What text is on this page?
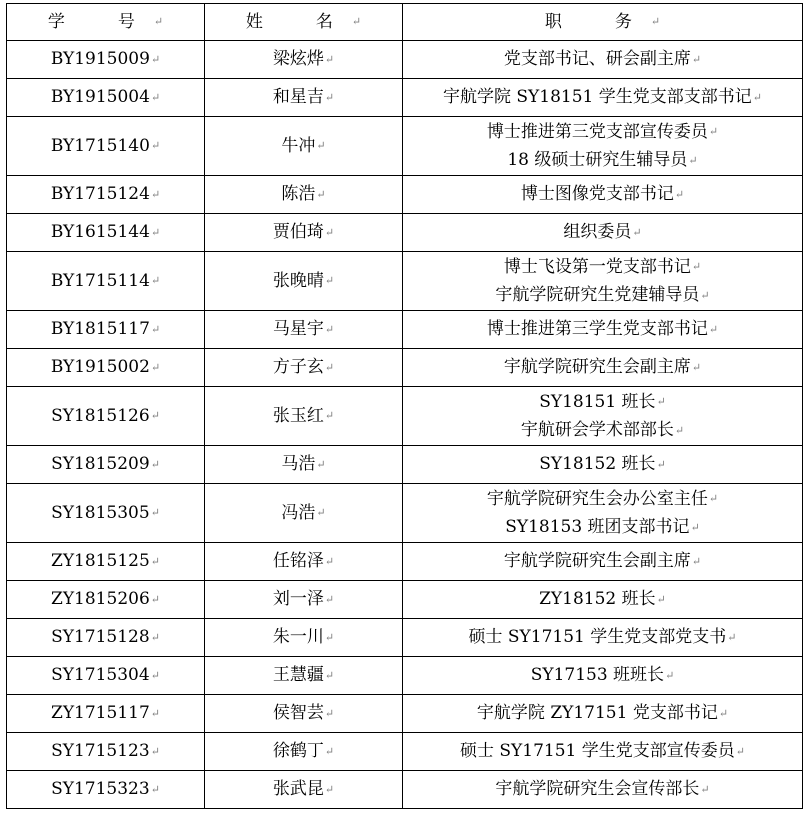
学　号↵	姓　名↵	职　务↵
BY1915009↵	梁炫烨↵	党支部书记、研会副主席↵

BY1915004↵	和星吉↵	宇航学院 SY18151 学生党支部支部书记↵

BY1715140↵	牛冲↵	博士推进第三党支部宣传委员↵
18 级硕士研究生辅导员↵

BY1715124↵	陈浩↵	博士图像党支部书记↵

BY1615144↵	贾伯琦↵	组织委员↵

BY1715114↵	张晚晴↵	博士飞设第一党支部书记↵
宇航学院研究生党建辅导员↵

BY1815117↵	马星宇↵	博士推进第三学生党支部书记↵

BY1915002↵	方子玄↵	宇航学院研究生会副主席↵

SY1815126↵	张玉红↵	SY18151 班长↵
宇航研会学术部部长↵

SY1815209↵	马浩↵	SY18152 班长↵

SY1815305↵	冯浩↵	宇航学院研究生会办公室主任↵
SY18153 班团支部书记↵

ZY1815125↵	任铭泽↵	宇航学院研究生会副主席↵

ZY1815206↵	刘一泽↵	ZY18152 班长↵

SY1715128↵	朱一川↵	硕士 SY17151 学生党支部党支书↵

SY1715304↵	王慧疆↵	SY17153 班班长↵

ZY1715117↵	侯智芸↵	宇航学院 ZY17151 党支部书记↵

SY1715123↵	徐鹤丁↵	硕士 SY17151 学生党支部宣传委员↵

SY1715323↵	张武昆↵	宇航学院研究生会宣传部长↵
